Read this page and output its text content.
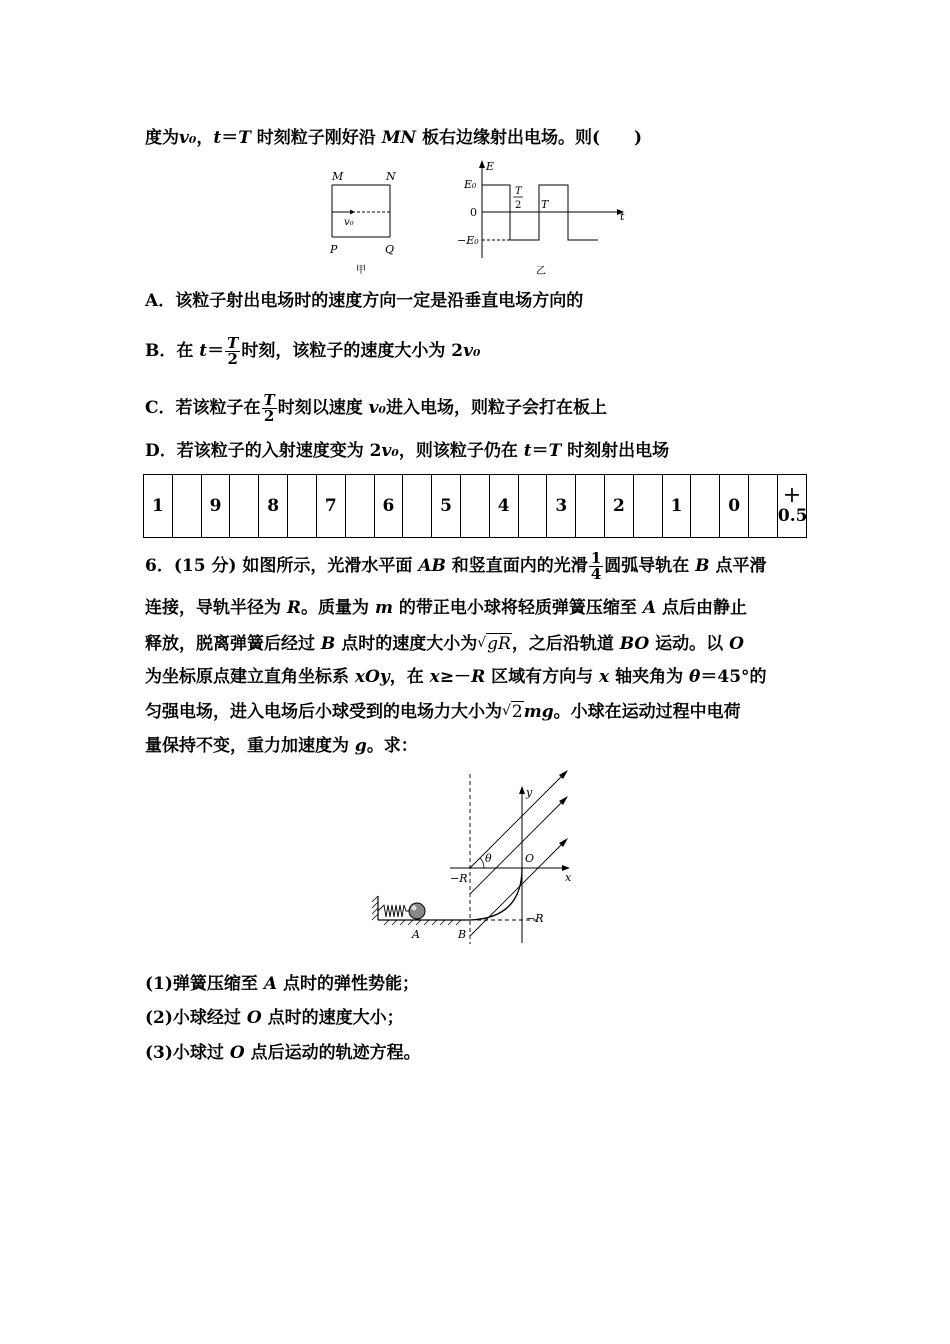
度为v₀，t＝T 时刻粒子刚好沿 MN 板右边缘射出电场。则(　　)
M	N
v₀
P	Q
甲
E
E₀
0
−E₀
T
2 T
t
乙
A．该粒子射出电场时的速度方向一定是沿垂直电场方向的
B．在 $t= \frac{T}{2}$ 时刻，该粒子的速度大小为 2v₀
C．若该粒子在 $\frac{T}{2}$ 时刻以速度 v₀进入电场，则粒子会打在板上
D．若该粒子的入射速度变为 2v₀，则该粒子仍在 t＝T 时刻射出电场
1		9		8		7		6		5		4		3		2		1		0		+
0.5
6．(15 分) 如图所示，光滑水平面 AB 和竖直面内的光滑 $\frac{1}{4}$ 圆弧导轨在 B 点平滑
连接，导轨半径为 R。质量为 m 的带正电小球将轻质弹簧压缩至 A 点后由静止
释放，脱离弹簧后经过 B 点时的速度大小为√gR，之后沿轨道 BO 运动。以 O
为坐标原点建立直角坐标系 xOy，在 x≥－R 区域有方向与 x 轴夹角为 θ＝45°的
匀强电场，进入电场后小球受到的电场力大小为√2mg。小球在运动过程中电荷
量保持不变，重力加速度为 g。求：
y
x
θ	O
−R
−R
A	B
(1)弹簧压缩至 A 点时的弹性势能；
(2)小球经过 O 点时的速度大小；
(3)小球过 O 点后运动的轨迹方程。
